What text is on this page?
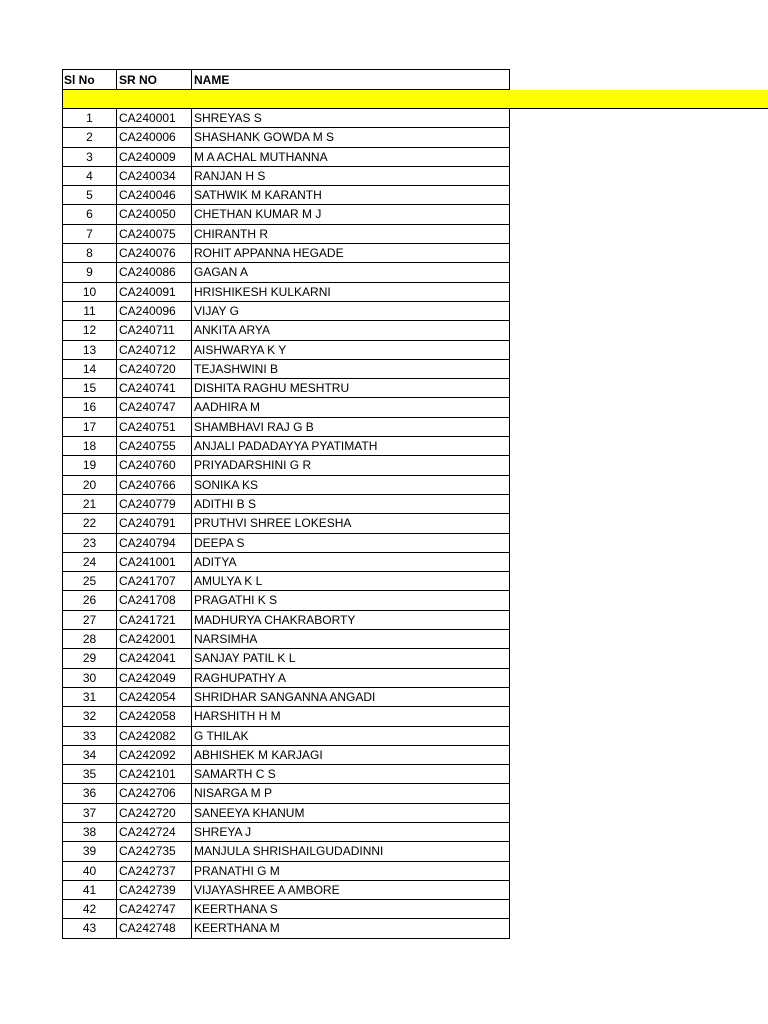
Sl No	SR NO	NAME
1	CA240001	SHREYAS S
2	CA240006	SHASHANK GOWDA M S
3	CA240009	M A ACHAL MUTHANNA
4	CA240034	RANJAN H S
5	CA240046	SATHWIK M KARANTH
6	CA240050	CHETHAN KUMAR M J
7	CA240075	CHIRANTH R
8	CA240076	ROHIT APPANNA HEGADE
9	CA240086	GAGAN A
10	CA240091	HRISHIKESH KULKARNI
11	CA240096	VIJAY G
12	CA240711	ANKITA ARYA
13	CA240712	AISHWARYA K Y
14	CA240720	TEJASHWINI B
15	CA240741	DISHITA RAGHU MESHTRU
16	CA240747	AADHIRA M
17	CA240751	SHAMBHAVI RAJ G B
18	CA240755	ANJALI PADADAYYA PYATIMATH
19	CA240760	PRIYADARSHINI G R
20	CA240766	SONIKA KS
21	CA240779	ADITHI B S
22	CA240791	PRUTHVI SHREE LOKESHA
23	CA240794	DEEPA S
24	CA241001	ADITYA
25	CA241707	AMULYA K L
26	CA241708	PRAGATHI K S
27	CA241721	MADHURYA CHAKRABORTY
28	CA242001	NARSIMHA
29	CA242041	SANJAY PATIL K L
30	CA242049	RAGHUPATHY A
31	CA242054	SHRIDHAR SANGANNA ANGADI
32	CA242058	HARSHITH H M
33	CA242082	G THILAK
34	CA242092	ABHISHEK M KARJAGI
35	CA242101	SAMARTH C S
36	CA242706	NISARGA M P
37	CA242720	SANEEYA KHANUM
38	CA242724	SHREYA J
39	CA242735	MANJULA SHRISHAILGUDADINNI
40	CA242737	PRANATHI G M
41	CA242739	VIJAYASHREE A AMBORE
42	CA242747	KEERTHANA S
43	CA242748	KEERTHANA M
